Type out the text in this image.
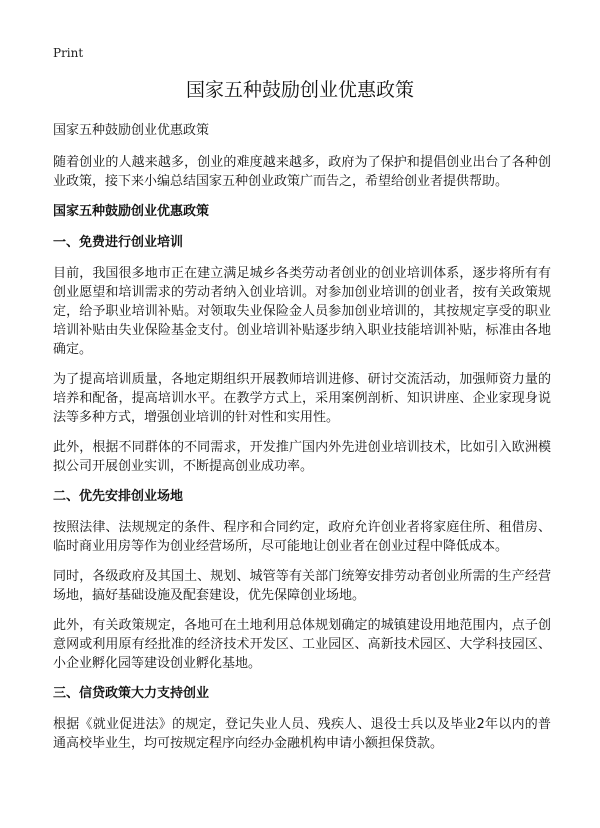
Print
国家五种鼓励创业优惠政策

国家五种鼓励创业优惠政策

随着创业的人越来越多，创业的难度越来越多，政府为了保护和提倡创业出台了各种创业政策，接下来小编总结国家五种创业政策广而告之，希望给创业者提供帮助。

国家五种鼓励创业优惠政策
一、免费进行创业培训

目前，我国很多地市正在建立满足城乡各类劳动者创业的创业培训体系，逐步将所有有创业愿望和培训需求的劳动者纳入创业培训。对参加创业培训的创业者，按有关政策规定，给予职业培训补贴。对领取失业保险金人员参加创业培训的，其按规定享受的职业培训补贴由失业保险基金支付。创业培训补贴逐步纳入职业技能培训补贴，标准由各地确定。

为了提高培训质量，各地定期组织开展教师培训进修、研讨交流活动，加强师资力量的培养和配备，提高培训水平。在教学方式上，采用案例剖析、知识讲座、企业家现身说法等多种方式，增强创业培训的针对性和实用性。

此外，根据不同群体的不同需求，开发推广国内外先进创业培训技术，比如引入欧洲模拟公司开展创业实训，不断提高创业成功率。

二、优先安排创业场地

按照法律、法规规定的条件、程序和合同约定，政府允许创业者将家庭住所、租借房、临时商业用房等作为创业经营场所，尽可能地让创业者在创业过程中降低成本。

同时，各级政府及其国土、规划、城管等有关部门统筹安排劳动者创业所需的生产经营场地，搞好基础设施及配套建设，优先保障创业场地。

此外，有关政策规定，各地可在土地利用总体规划确定的城镇建设用地范围内，点子创意网或利用原有经批准的经济技术开发区、工业园区、高新技术园区、大学科技园区、小企业孵化园等建设创业孵化基地。

三、信贷政策大力支持创业

根据《就业促进法》的规定，登记失业人员、残疾人、退役士兵以及毕业2年以内的普通高校毕业生，均可按规定程序向经办金融机构申请小额担保贷款。
